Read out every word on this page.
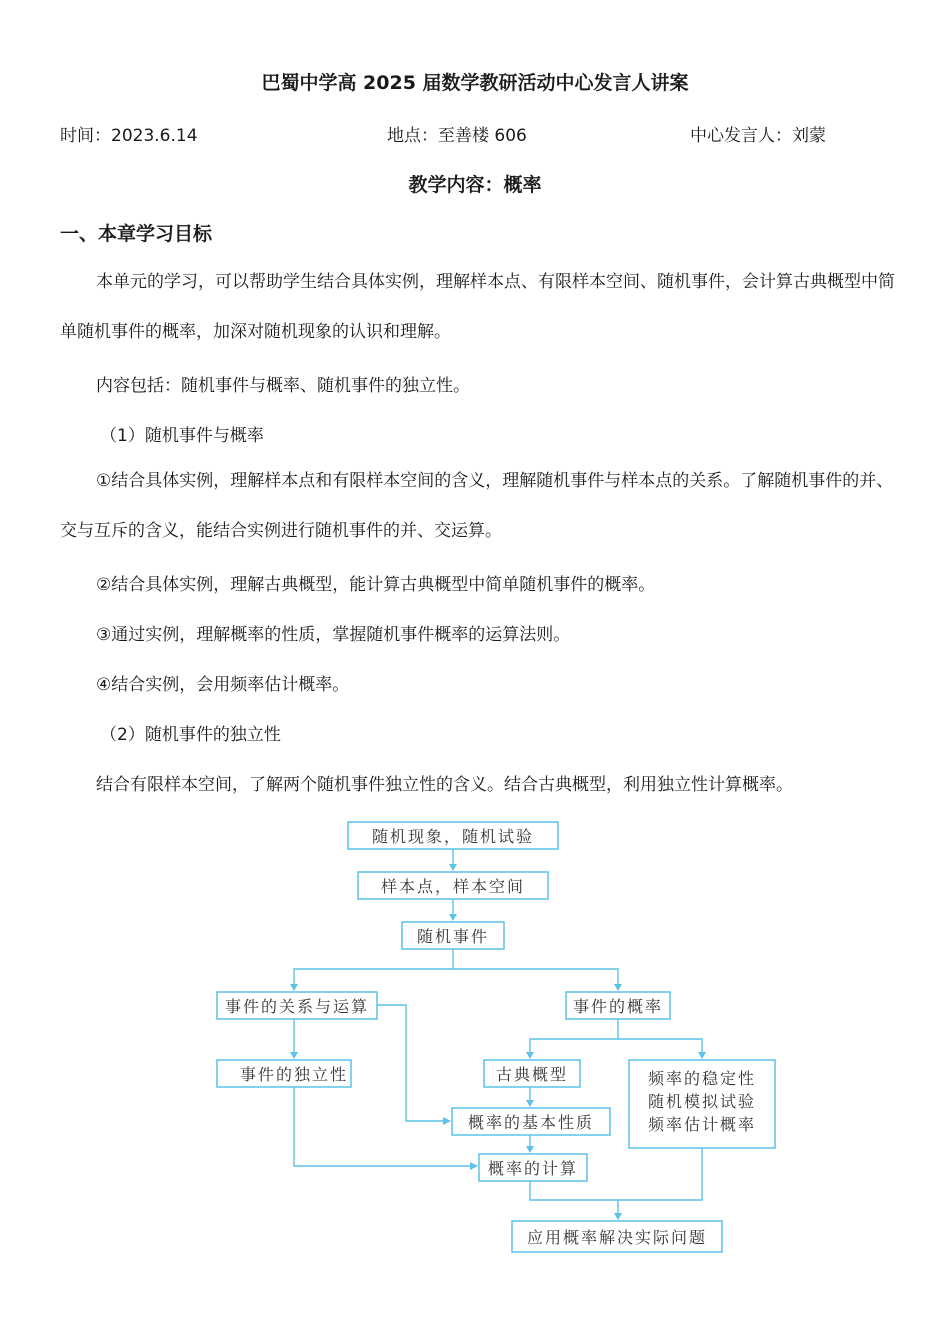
巴蜀中学高 2025 届数学教研活动中心发言人讲案
时间：2023.6.14	地点：至善楼 606	中心发言人：刘蒙
教学内容：概率
一、本章学习目标
本单元的学习，可以帮助学生结合具体实例，理解样本点、有限样本空间、随机事件，会计算古典概型中简单随机事件的概率，加深对随机现象的认识和理解。
内容包括：随机事件与概率、随机事件的独立性。
（1）随机事件与概率
①结合具体实例，理解样本点和有限样本空间的含义，理解随机事件与样本点的关系。了解随机事件的并、交与互斥的含义，能结合实例进行随机事件的并、交运算。
②结合具体实例，理解古典概型，能计算古典概型中简单随机事件的概率。
③通过实例，理解概率的性质，掌握随机事件概率的运算法则。
④结合实例，会用频率估计概率。
（2）随机事件的独立性
结合有限样本空间，了解两个随机事件独立性的含义。结合古典概型，利用独立性计算概率。
随机现象，随机试验
样本点，样本空间
随机事件
事件的关系与运算	事件的概率
事件的独立性	古典概型	频率的稳定性
随机模拟试验
频率估计概率
概率的基本性质
概率的计算
应用概率解决实际问题
